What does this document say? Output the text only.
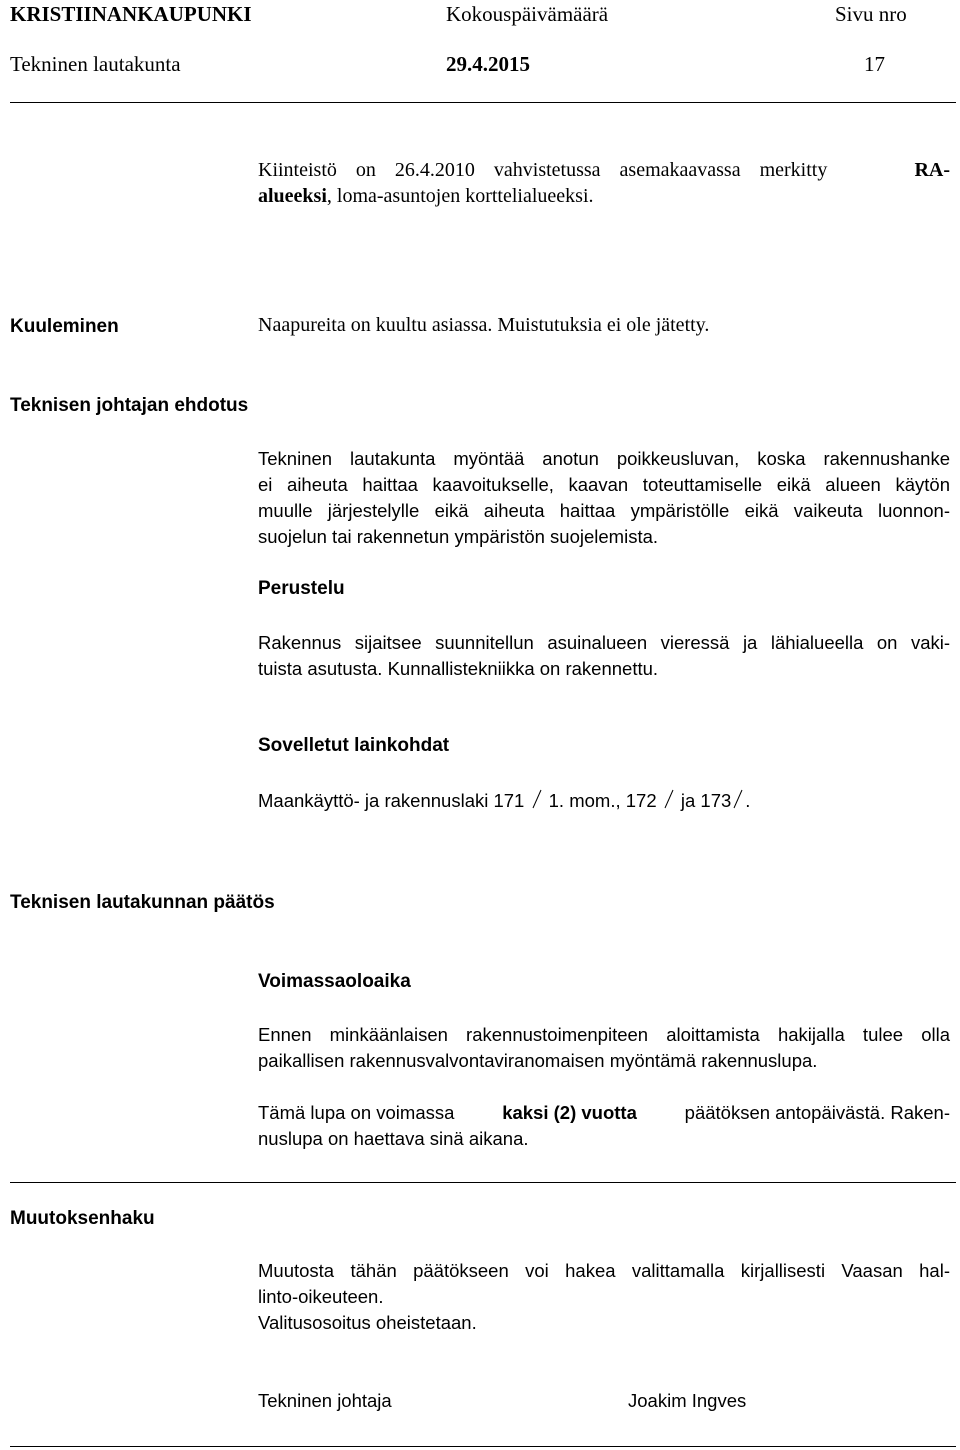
KRISTIINANKAUPUNKI	Kokouspäivämäärä	Sivu nro
Tekninen lautakunta	29.4.2015	17
Kiinteistö on 26.4.2010 vahvistetussa asemakaavassa merkitty	RA-
alueeksi, loma-asuntojen korttelialueeksi.
Kuuleminen	Naapureita on kuultu asiassa. Muistutuksia ei ole jätetty.
Teknisen johtajan ehdotus
Tekninen lautakunta myöntää anotun poikkeusluvan, koska rakennushanke
ei aiheuta haittaa kaavoitukselle, kaavan toteuttamiselle eikä alueen käytön
muulle järjestelylle eikä aiheuta haittaa ympäristölle eikä vaikeuta luonnon-
suojelun tai rakennetun ympäristön suojelemista.
Perustelu
Rakennus sijaitsee suunnitellun asuinalueen vieressä ja lähialueella on vaki-
tuista asutusta. Kunnallistekniikka on rakennettu.
Sovelletut lainkohdat
Maankäyttö- ja rakennuslaki 171 1. mom., 172 ja 173 .
Teknisen lautakunnan päätös
Voimassaoloaika
Ennen minkäänlaisen rakennustoimenpiteen aloittamista hakijalla tulee olla
paikallisen rakennusvalvontaviranomaisen myöntämä rakennuslupa.
Tämä lupa on voimassa	kaksi (2) vuotta	päätöksen antopäivästä. Raken-
nuslupa on haettava sinä aikana.
Muutoksenhaku
Muutosta tähän päätökseen voi hakea valittamalla kirjallisesti Vaasan hal-
linto-oikeuteen.
Valitusosoitus oheistetaan.
Tekninen johtaja	Joakim Ingves
